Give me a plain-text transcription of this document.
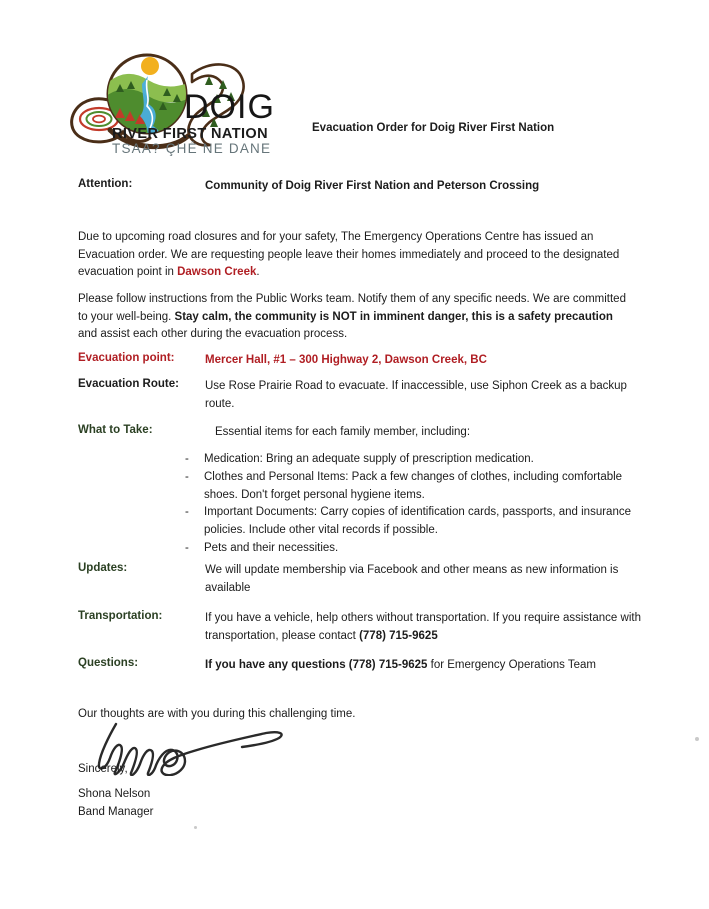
DOIG
RIVER FIRST NATION
TSAA? ÇHÉ NE DANE
Evacuation Order for Doig River First Nation
Attention:	Community of Doig River First Nation and Peterson Crossing
Due to upcoming road closures and for your safety, The Emergency Operations Centre has issued an Evacuation order. We are requesting people leave their homes immediately and proceed to the designated evacuation point in Dawson Creek.
Please follow instructions from the Public Works team. Notify them of any specific needs. We are committed to your well-being. Stay calm, the community is NOT in imminent danger, this is a safety precaution and assist each other during the evacuation process.
Evacuation point:	Mercer Hall, #1 – 300 Highway 2, Dawson Creek, BC
Evacuation Route:	Use Rose Prairie Road to evacuate. If inaccessible, use Siphon Creek as a backup route.
What to Take:	Essential items for each family member, including:
-	Medication: Bring an adequate supply of prescription medication.
-	Clothes and Personal Items: Pack a few changes of clothes, including comfortable shoes. Don't forget personal hygiene items.
-	Important Documents: Carry copies of identification cards, passports, and insurance policies. Include other vital records if possible.
-	Pets and their necessities.
Updates:	We will update membership via Facebook and other means as new information is available
Transportation:	If you have a vehicle, help others without transportation. If you require assistance with transportation, please contact (778) 715-9625
Questions:	If you have any questions (778) 715-9625 for Emergency Operations Team
Our thoughts are with you during this challenging time.
Sincerely,
Shona Nelson
Band Manager
